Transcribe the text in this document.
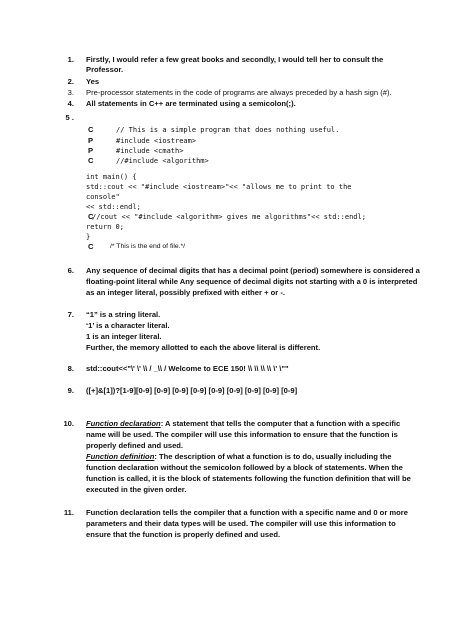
1. Firstly, I would refer a few great books and secondly, I would tell her to consult the
Professor.
2. Yes
3. Pre-processor statements in the code of programs are always preceded by a hash sign (#).
4. All statements in C++ are terminated using a semicolon(;).
5 .
C	// This is a simple program that does nothing useful.
P	#include <iostream>
P	#include <cmath>
C	//#include <algorithm>
int main() {
std::cout << "#include <iostream>"<< "allows me to print to the
console"
<< std::endl;
C
//cout << "#include <algorithm> gives me algorithms"<< std::endl;
return 0;
}
C	/* This is the end of file.*/
6. Any sequence of decimal digits that has a decimal point (period) somewhere is considered a
floating-point literal while Any sequence of decimal digits not starting with a 0 is interpreted
as an integer literal, possibly prefixed with either + or -.
7. “1” is a string literal.
‘1’ is a character literal.
1 is an integer literal.
Further, the memory allotted to each the above literal is different.
8. std::cout<<"\' \' \\ / _\\ / Welcome to ECE 150! \\ \\ \\ \\ \' \""
9. ([+]&[1])?[1-9][0-9] [0-9] [0-9] [0-9] [0-9] [0-9] [0-9] [0-9] [0-9]
10. Function declaration: A statement that tells the computer that a function with a specific
name will be used. The compiler will use this information to ensure that the function is
properly defined and used.
Function definition: The description of what a function is to do, usually including the
function declaration without the semicolon followed by a block of statements. When the
function is called, it is the block of statements following the function definition that will be
executed in the given order.
11. Function declaration tells the compiler that a function with a specific name and 0 or more
parameters and their data types will be used. The compiler will use this information to
ensure that the function is properly defined and used.
